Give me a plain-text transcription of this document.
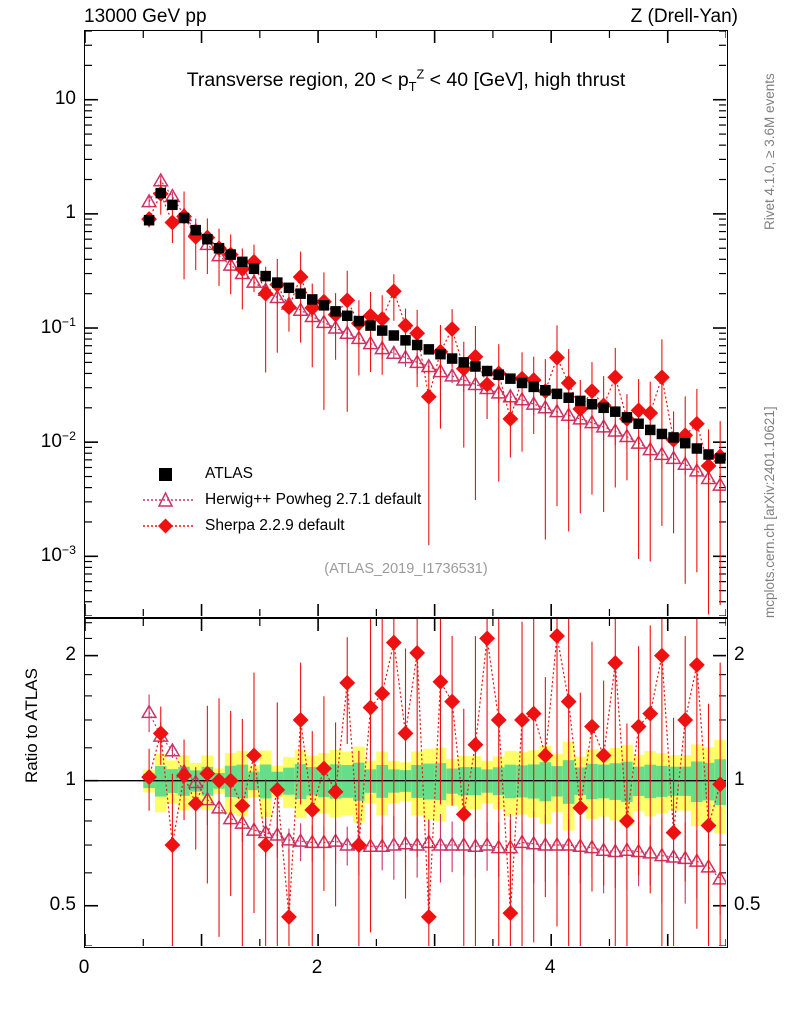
13000 GeV pp	Z (Drell-Yan)
Rivet 4.1.0, ≥ 3.6M events
mcplots.cern.ch [arXiv:2401.10621]
Transverse region, $20 < p_T^Z < 40$ [GeV], high thrust
ATLAS
Herwig++ Powheg 2.7.1 default
Sherpa 2.2.9 default
(ATLAS_2019_I1736531)
Ratio to ATLAS
10
1
$10^{-1}$
$10^{-2}$
$10^{-3}$
2	2
1	1
0.5	0.5
0	2	4
